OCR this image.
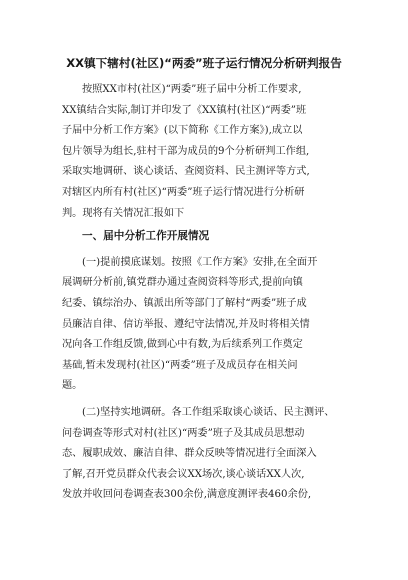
XX镇下辖村(社区)“两委”班子运行情况分析研判报告
按照XX市村(社区)“两委”班子届中分析工作要求,
XX镇结合实际,制订并印发了《XX镇村(社区)“两委”班
子届中分析工作方案》(以下简称《工作方案》),成立以
包片领导为组长,驻村干部为成员的9个分析研判工作组,
采取实地调研、谈心谈话、查阅资料、民主测评等方式,
对辖区内所有村(社区)“两委”班子运行情况进行分析研
判。现将有关情况汇报如下
一、届中分析工作开展情况
(一)提前摸底谋划。按照《工作方案》安排,在全面开
展调研分析前,镇党群办通过查阅资料等形式,提前向镇
纪委、镇综治办、镇派出所等部门了解村“两委”班子成
员廉洁自律、信访举报、遵纪守法情况,并及时将相关情
况向各工作组反馈,做到心中有数,为后续系列工作奠定
基础,暂未发现村(社区)“两委”班子及成员存在相关问
题。
(二)坚持实地调研。各工作组采取谈心谈话、民主测评、
问卷调查等形式对村(社区)“两委”班子及其成员思想动
态、履职成效、廉洁自律、群众反映等情况进行全面深入
了解,召开党员群众代表会议XX场次,谈心谈话XX人次,
发放并收回问卷调查表300余份,满意度测评表460余份,
